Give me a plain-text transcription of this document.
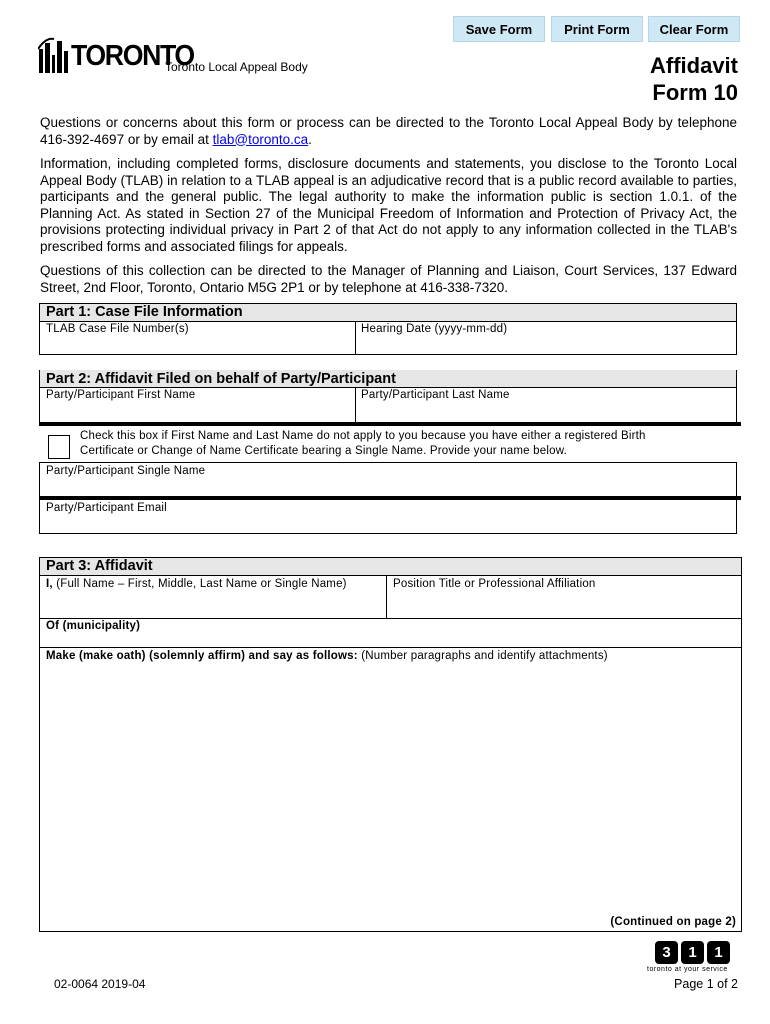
Save Form	Print Form	Clear Form
TORONTO
Toronto Local Appeal Body	Affidavit
Form 10

Questions or concerns about this form or process can be directed to the Toronto Local Appeal Body by telephone 416-392-4697 or by email at tlab@toronto.ca.

Information, including completed forms, disclosure documents and statements, you disclose to the Toronto Local Appeal Body (TLAB) in relation to a TLAB appeal is an adjudicative record that is a public record available to parties, participants and the general public. The legal authority to make the information public is section 1.0.1. of the Planning Act. As stated in Section 27 of the Municipal Freedom of Information and Protection of Privacy Act, the provisions protecting individual privacy in Part 2 of that Act do not apply to any information collected in the TLAB's prescribed forms and associated filings for appeals.

Questions of this collection can be directed to the Manager of Planning and Liaison, Court Services, 137 Edward Street, 2nd Floor, Toronto, Ontario M5G 2P1 or by telephone at 416-338-7320.

Part 1: Case File Information
TLAB Case File Number(s)	Hearing Date (yyyy-mm-dd)
Part 2: Affidavit Filed on behalf of Party/Participant
Party/Participant First Name	Party/Participant Last Name
Check this box if First Name and Last Name do not apply to you because you have either a registered Birth
Certificate or Change of Name Certificate bearing a Single Name. Provide your name below.
Party/Participant Single Name
Party/Participant Email
Part 3: Affidavit
I, (Full Name – First, Middle, Last Name or Single Name)	Position Title or Professional Affiliation
Of (municipality)
Make (make oath) (solemnly affirm) and say as follows: (Number paragraphs and identify attachments)
(Continued on page 2)
02-0064 2019-04	Page 1 of 2
3	1	1
toronto at your service
